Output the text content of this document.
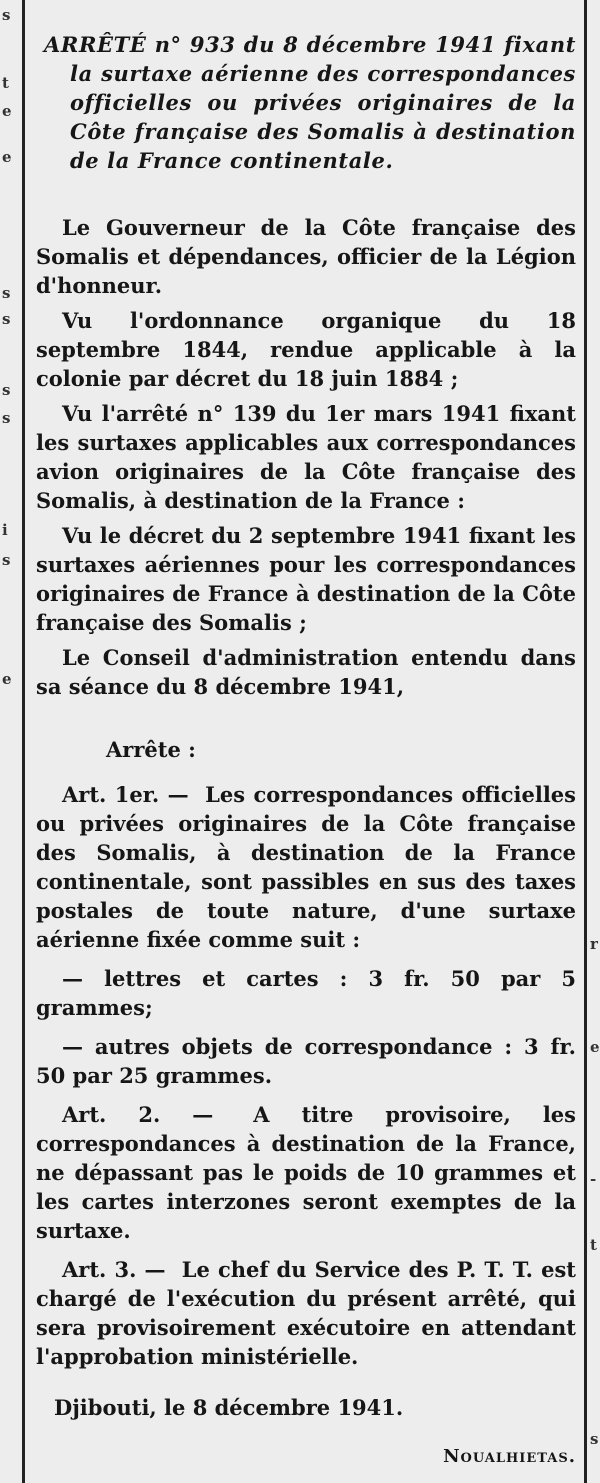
s
t
e
e
s
s
s
s
i
s
e
r
e
-
t
s

ARRÊTÉ n° 933 du 8 décembre 1941 fixant la surtaxe aérienne des correspondances officielles ou privées originaires de la Côte française des Somalis à destination de la France continentale.

Le Gouverneur de la Côte française des Somalis et dépendances, officier de la Légion d'honneur.

Vu l'ordonnance organique du 18 septembre 1844, rendue applicable à la colonie par décret du 18 juin 1884 ;

Vu l'arrêté n° 139 du 1er mars 1941 fixant les surtaxes applicables aux correspondances avion originaires de la Côte française des Somalis, à destination de la France :

Vu le décret du 2 septembre 1941 fixant les surtaxes aériennes pour les correspondances originaires de France à destination de la Côte française des Somalis ;

Le Conseil d'administration entendu dans sa séance du 8 décembre 1941,

Arrête :

Art. 1er. — Les correspondances officielles ou privées originaires de la Côte française des Somalis, à destination de la France continentale, sont passibles en sus des taxes postales de toute nature, d'une surtaxe aérienne fixée comme suit :

— lettres et cartes : 3 fr. 50 par 5 grammes;

— autres objets de correspondance : 3 fr. 50 par 25 grammes.

Art. 2. — A titre provisoire, les correspondances à destination de la France, ne dépassant pas le poids de 10 grammes et les cartes interzones seront exemptes de la surtaxe.

Art. 3. — Le chef du Service des P. T. T. est chargé de l'exécution du présent arrêté, qui sera provisoirement exécutoire en attendant l'approbation ministérielle.

Djibouti, le 8 décembre 1941.

Noualhietas.
